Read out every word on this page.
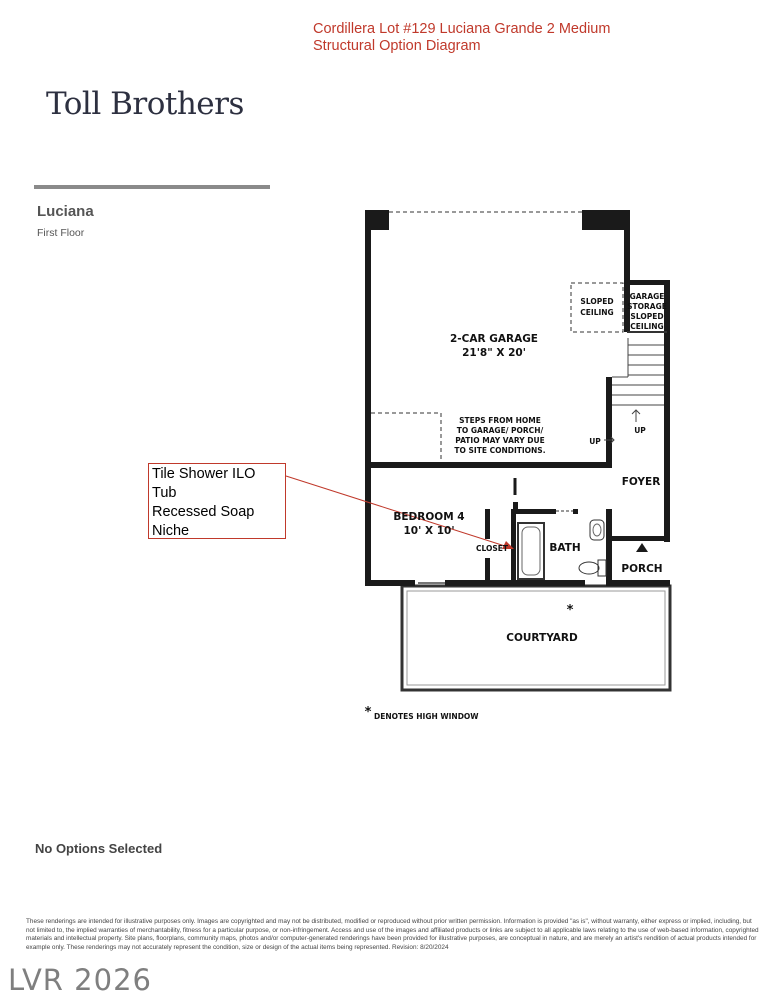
Cordillera Lot #129 Luciana Grande 2 Medium
Structural Option Diagram
Toll Brothers
Luciana
First Floor
2-CAR GARAGE
21'8" X 20'
SLOPED
CEILING
GARAGE
STORAGE
SLOPED
CEILING
STEPS FROM HOME
TO GARAGE/ PORCH/
PATIO MAY VARY DUE
TO SITE CONDITIONS.
UP
UP
FOYER
BEDROOM 4
10' X 10'
CLOSET	BATH
PORCH
COURTYARD
*
* DENOTES HIGH WINDOW
Tile Shower ILO
Tub
Recessed Soap
Niche
No Options Selected
These renderings are intended for illustrative purposes only. Images are copyrighted and may not be distributed, modified or reproduced without prior written permission. Information is provided "as is", without warranty, either express or implied, including, but not limited to, the implied warranties of merchantability, fitness for a particular purpose, or non-infringement. Access and use of the images and affiliated products or links are subject to all applicable laws relating to the use of web-based information, copyrighted materials and intellectual property. Site plans, floorplans, community maps, photos and/or computer-generated renderings have been provided for illustrative purposes, are conceptual in nature, and are merely an artist's rendition of actual products intended for example only. These renderings may not accurately represent the condition, size or design of the actual items being represented. Revision: 8/20/2024
LVR 2026
